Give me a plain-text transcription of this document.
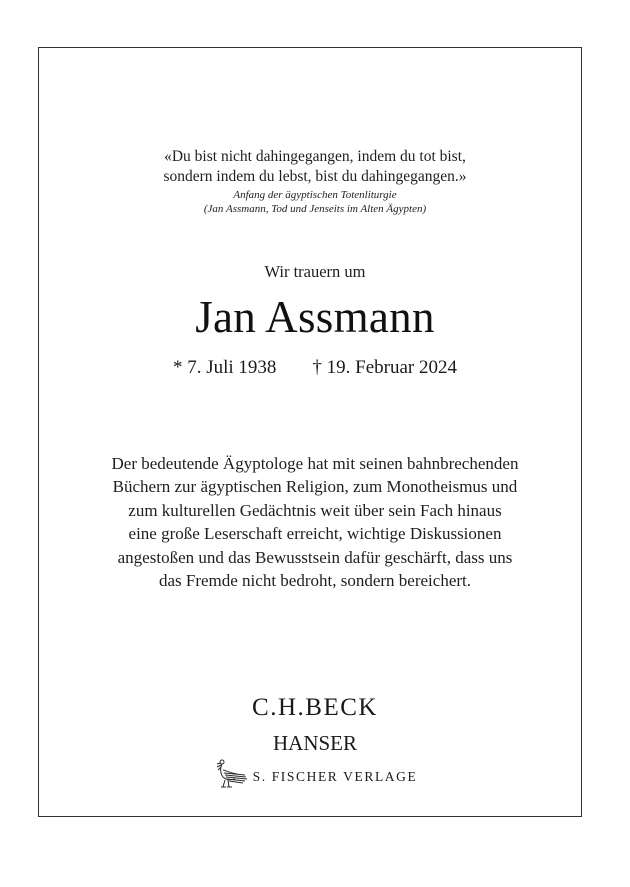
«Du bist nicht dahingegangen, indem du tot bist,
sondern indem du lebst, bist du dahingegangen.»
Anfang der ägyptischen Totenliturgie
(Jan Assmann, Tod und Jenseits im Alten Ägypten)
Wir trauern um
Jan Assmann
* 7. Juli 1938 † 19. Februar 2024
Der bedeutende Ägyptologe hat mit seinen bahnbrechenden
Büchern zur ägyptischen Religion, zum Monotheismus und
zum kulturellen Gedächtnis weit über sein Fach hinaus
eine große Leserschaft erreicht, wichtige Diskussionen
angestoßen und das Bewusstsein dafür geschärft, dass uns
das Fremde nicht bedroht, sondern bereichert.
C.H.BECK
HANSER
S. FISCHER VERLAGE
